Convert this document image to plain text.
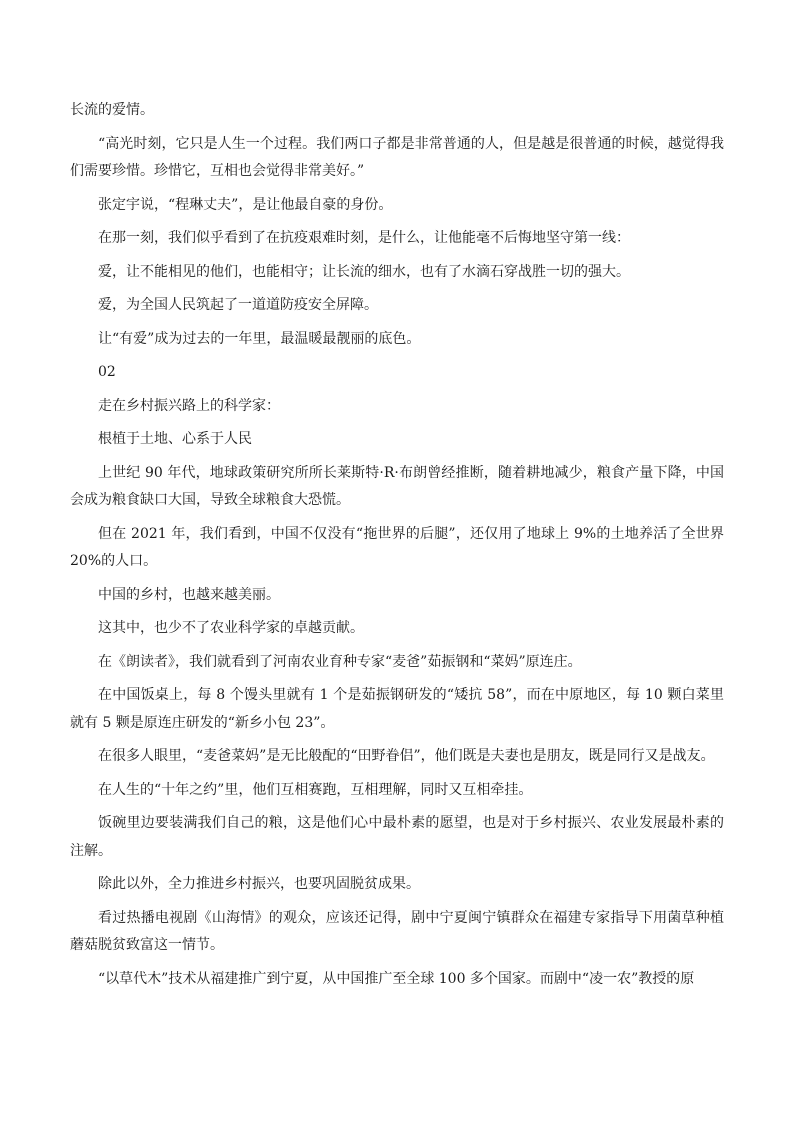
长流的爱情。

“高光时刻，它只是人生一个过程。我们两口子都是非常普通的人，但是越是很普通的时候，越觉得我们需要珍惜。珍惜它，互相也会觉得非常美好。”

张定宇说，“程琳丈夫”，是让他最自豪的身份。

在那一刻，我们似乎看到了在抗疫艰难时刻，是什么，让他能毫不后悔地坚守第一线：

爱，让不能相见的他们，也能相守；让长流的细水，也有了水滴石穿战胜一切的强大。

爱，为全国人民筑起了一道道防疫安全屏障。

让“有爱”成为过去的一年里，最温暖最靓丽的底色。

02

走在乡村振兴路上的科学家：

根植于土地、心系于人民

上世纪 90 年代，地球政策研究所所长莱斯特·R·布朗曾经推断，随着耕地减少，粮食产量下降，中国会成为粮食缺口大国，导致全球粮食大恐慌。

但在 2021 年，我们看到，中国不仅没有“拖世界的后腿”，还仅用了地球上 9%的土地养活了全世界 20%的人口。

中国的乡村，也越来越美丽。

这其中，也少不了农业科学家的卓越贡献。

在《朗读者》，我们就看到了河南农业育种专家“麦爸”茹振钢和“菜妈”原连庄。

在中国饭桌上，每 8 个馒头里就有 1 个是茹振钢研发的“矮抗 58”，而在中原地区，每 10 颗白菜里就有 5 颗是原连庄研发的“新乡小包 23”。

在很多人眼里，“麦爸菜妈”是无比般配的“田野眷侣”，他们既是夫妻也是朋友，既是同行又是战友。

在人生的“十年之约”里，他们互相赛跑，互相理解，同时又互相牵挂。

饭碗里边要装满我们自己的粮，这是他们心中最朴素的愿望，也是对于乡村振兴、农业发展最朴素的注解。

除此以外，全力推进乡村振兴，也要巩固脱贫成果。

看过热播电视剧《山海情》的观众，应该还记得，剧中宁夏闽宁镇群众在福建专家指导下用菌草种植蘑菇脱贫致富这一情节。

“以草代木”技术从福建推广到宁夏，从中国推广至全球 100 多个国家。而剧中“凌一农”教授的原
